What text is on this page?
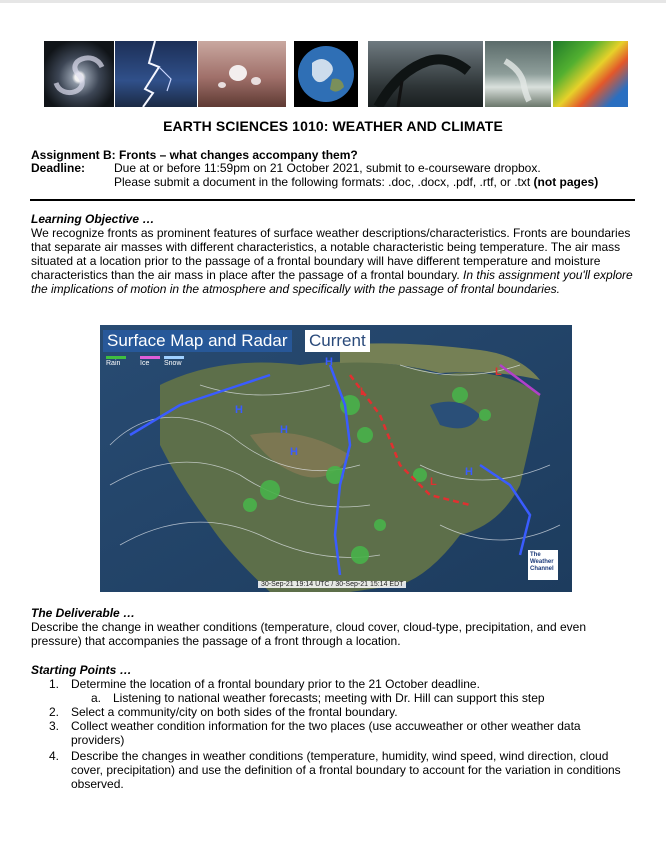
EARTH SCIENCES 1010: WEATHER AND CLIMATE
Assignment B: Fronts – what changes accompany them?
Deadline: Due at or before 11:59pm on 21 October 2021, submit to e-courseware dropbox.
Please submit a document in the following formats: .doc, .docx, .pdf, .rtf, or .txt (not pages)
Learning Objective …
We recognize fronts as prominent features of surface weather descriptions/characteristics. Fronts are boundaries that separate air masses with different characteristics, a notable characteristic being temperature. The air mass situated at a location prior to the passage of a frontal boundary will have different temperature and moisture characteristics than the air mass in place after the passage of a frontal boundary. In this assignment you'll explore the implications of motion in the atmosphere and specifically with the passage of frontal boundaries.
H
H
H
H
H
L
L
L
Surface Map and Radar Current
Rain	Ice Snow
30-Sep-21 19:14 UTC / 30-Sep-21 15:14 EDT
The Weather Channel
The Deliverable …
Describe the change in weather conditions (temperature, cloud cover, cloud-type, precipitation, and even pressure) that accompanies the passage of a front through a location.
Starting Points …
1. Determine the location of a frontal boundary prior to the 21 October deadline.
a. Listening to national weather forecasts; meeting with Dr. Hill can support this step
2. Select a community/city on both sides of the frontal boundary.
3. Collect weather condition information for the two places (use accuweather or other weather data providers)
4. Describe the changes in weather conditions (temperature, humidity, wind speed, wind direction, cloud cover, precipitation) and use the definition of a frontal boundary to account for the variation in conditions observed.
